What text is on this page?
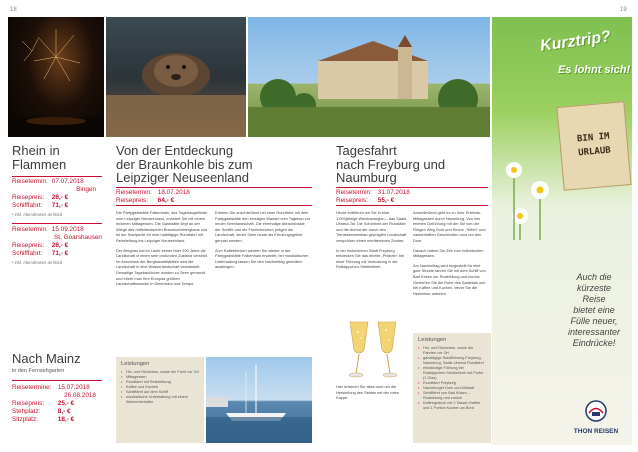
18	19
Kurztrip?
Es lohnt sich!
BIN IM
URLAUB
Auch die
kürzeste
Reise
bietet eine
Fülle neuer,
interessanter
Eindrücke!
THON REISEN
Rhein in
Flammen
Reisetermin: 07.07.2018
Bingen
Reisepreis: 26,- €
Schifffahrt: 71,- €
• inkl. Abendessen an Bord
Reisetermin: 15.09.2018
St. Goarshausen
Reisepreis: 26,- €
Schifffahrt: 71,- €
• inkl. Abendessen an Bord
Nach Mainz
in den Fernsehgarten
Reisetermine: 15.07.2018
26.08.2018
Reisepreis: 25,- €
Stehplatz:	8,- €
Sitzplatz:	18,- €
Von der Entdeckung
der Braunkohle bis zum
Leipziger Neuseenland
Reisetermin: 18.07.2018
Reisepreis: 64,- €

Die Partygaststätte Falkenhain, das Tagebaugelände zum Leipziger Neuseenland, erwartet Sie mit einem leckeren Mittagessen. Die Gaststätte liegt an der Wiege des mitteldeutschen Braunkohlebergbaus und ist der Startpunkt für eine halbtägige Rundfahrt mit Reiseleitung ins Leipziger Neuseenland.

Der Bergbau hat im Laufe seiner über 200 Jahre die Landschaft in einen sehr profunden Zustand versetzt. Im Anschluss der Bergbauaktivitäten wird die Landschaft in eine Wasserlandschaft verwandelt. Gewaltige Tagebaulöcher wurden zu Seen gemacht, und erlebt man Ihre Europas größten Landschaftswandel in Dimension und Tempo.

Erleben Sie anschließend bei einer Rundfahrt mit dem Partygaststätte den einstigen Wandel vom Tagebau zur neuen Seenlandschaft. Die ehemalige Abraumhalde der Schiffe und die Förderbrücken prägen die Landschaft, deren Seen heute als Erholungsgebiet genutzt werden.

Zum Kaffeetrinken werden Sie wieder in der Partygaststätte Falkenhain erwartet, bei musikalischer Unterhaltung lassen Sie den Nachmittag gemütlich ausklingen.

Leistungen
• Hin- und Rückreise, sowie die Fahrt vor Ort
• Mittagessen
• Rundfahrt mit Reiseleitung
• Kaffee und Kuchen
• Schifffahrt auf dem Schiff
• musikalische Unterhaltung mit einem Alleinunterhalter
Tagesfahrt
nach Freyburg und
Naumburg
Reisetermin: 31.07.2018
Reisepreis: 55,- €

Heute entführen wir Sie in eine 1.000jährige Weinbauregion – das Saale-Unstrut-Tal. Die Schönheit der Flusstäler und die Anmut der durch den Terrassenweinbau geprägten Landschaft versprühen einen mediterranen Zauber.

In der historischen Stadt Freyburg entdecken Sie das leichte „Prickeln“ bei einer Führung mit Verkostung in der Rotkäppchen-Sektkellerei.

Anschließend geht es zu Ihrer Erlebnis-Mittagessen durch Naumburg. Von hier erleben Geführung mit der Sie von der Fliegen Weg Dom und Kirche „Teffen“ und zauberhaften Geschichten rund um den Dom.

Danach haben Sie Zeit zum individuellen Mittagessen.

Am Nachmittag wird eingestellt für eine gute Stunde fahren Sie mit dem Schiff von Bad Kösen zur Rudelsburg und zurück. Genießen Sie die Ruhe des Saaletals und bei Kaffee und Kuchen, bevor Sie die Heimreise antreten.

Hier erfahren Sie alles rund um die Herstellung des Sektes mit der roten Kappe.

Leistungen
• Hin- und Rückreise, sowie die Fahrten vor Ort
• ganztägige Stadtführung Freyburg, Naumburg, Saale-Unstrut Rundfahrt
• einstündige Führung bei Rotkäppchen Sektkellerei mit Probe (1 Glas)
• Rundfahrt Freyburg
• Naumburger Dom und Altstadt
• Schifffahrt von Bad Kösen – Rudelsburg und zurück
• Kaffeegedeck mit 2 Tassen Kaffee und 1 Portion Kuchen an Bord
